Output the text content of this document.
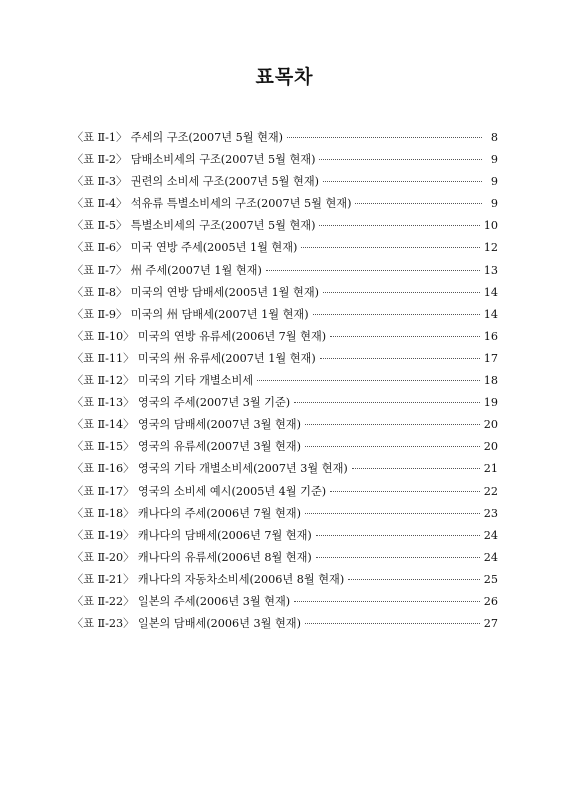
표목차
〈표 Ⅱ-1〉 주세의 구조(2007년 5월 현재)	8
〈표 Ⅱ-2〉 담배소비세의 구조(2007년 5월 현재)	9
〈표 Ⅱ-3〉 권련의 소비세 구조(2007년 5월 현재)	9
〈표 Ⅱ-4〉 석유류 특별소비세의 구조(2007년 5월 현재)	9
〈표 Ⅱ-5〉 특별소비세의 구조(2007년 5월 현재)	10
〈표 Ⅱ-6〉 미국 연방 주세(2005년 1월 현재)	12
〈표 Ⅱ-7〉 州 주세(2007년 1월 현재)	13
〈표 Ⅱ-8〉 미국의 연방 담배세(2005년 1월 현재)	14
〈표 Ⅱ-9〉 미국의 州 담배세(2007년 1월 현재)	14
〈표 Ⅱ-10〉 미국의 연방 유류세(2006년 7월 현재)	16
〈표 Ⅱ-11〉 미국의 州 유류세(2007년 1월 현재)	17
〈표 Ⅱ-12〉 미국의 기타 개별소비세	18
〈표 Ⅱ-13〉 영국의 주세(2007년 3월 기준)	19
〈표 Ⅱ-14〉 영국의 담배세(2007년 3월 현재)	20
〈표 Ⅱ-15〉 영국의 유류세(2007년 3월 현재)	20
〈표 Ⅱ-16〉 영국의 기타 개별소비세(2007년 3월 현재)	21
〈표 Ⅱ-17〉 영국의 소비세 예시(2005년 4월 기준)	22
〈표 Ⅱ-18〉 캐나다의 주세(2006년 7월 현재)	23
〈표 Ⅱ-19〉 캐나다의 담배세(2006년 7월 현재)	24
〈표 Ⅱ-20〉 캐나다의 유류세(2006년 8월 현재)	24
〈표 Ⅱ-21〉 캐나다의 자동차소비세(2006년 8월 현재)	25
〈표 Ⅱ-22〉 일본의 주세(2006년 3월 현재)	26
〈표 Ⅱ-23〉 일본의 담배세(2006년 3월 현재)	27
